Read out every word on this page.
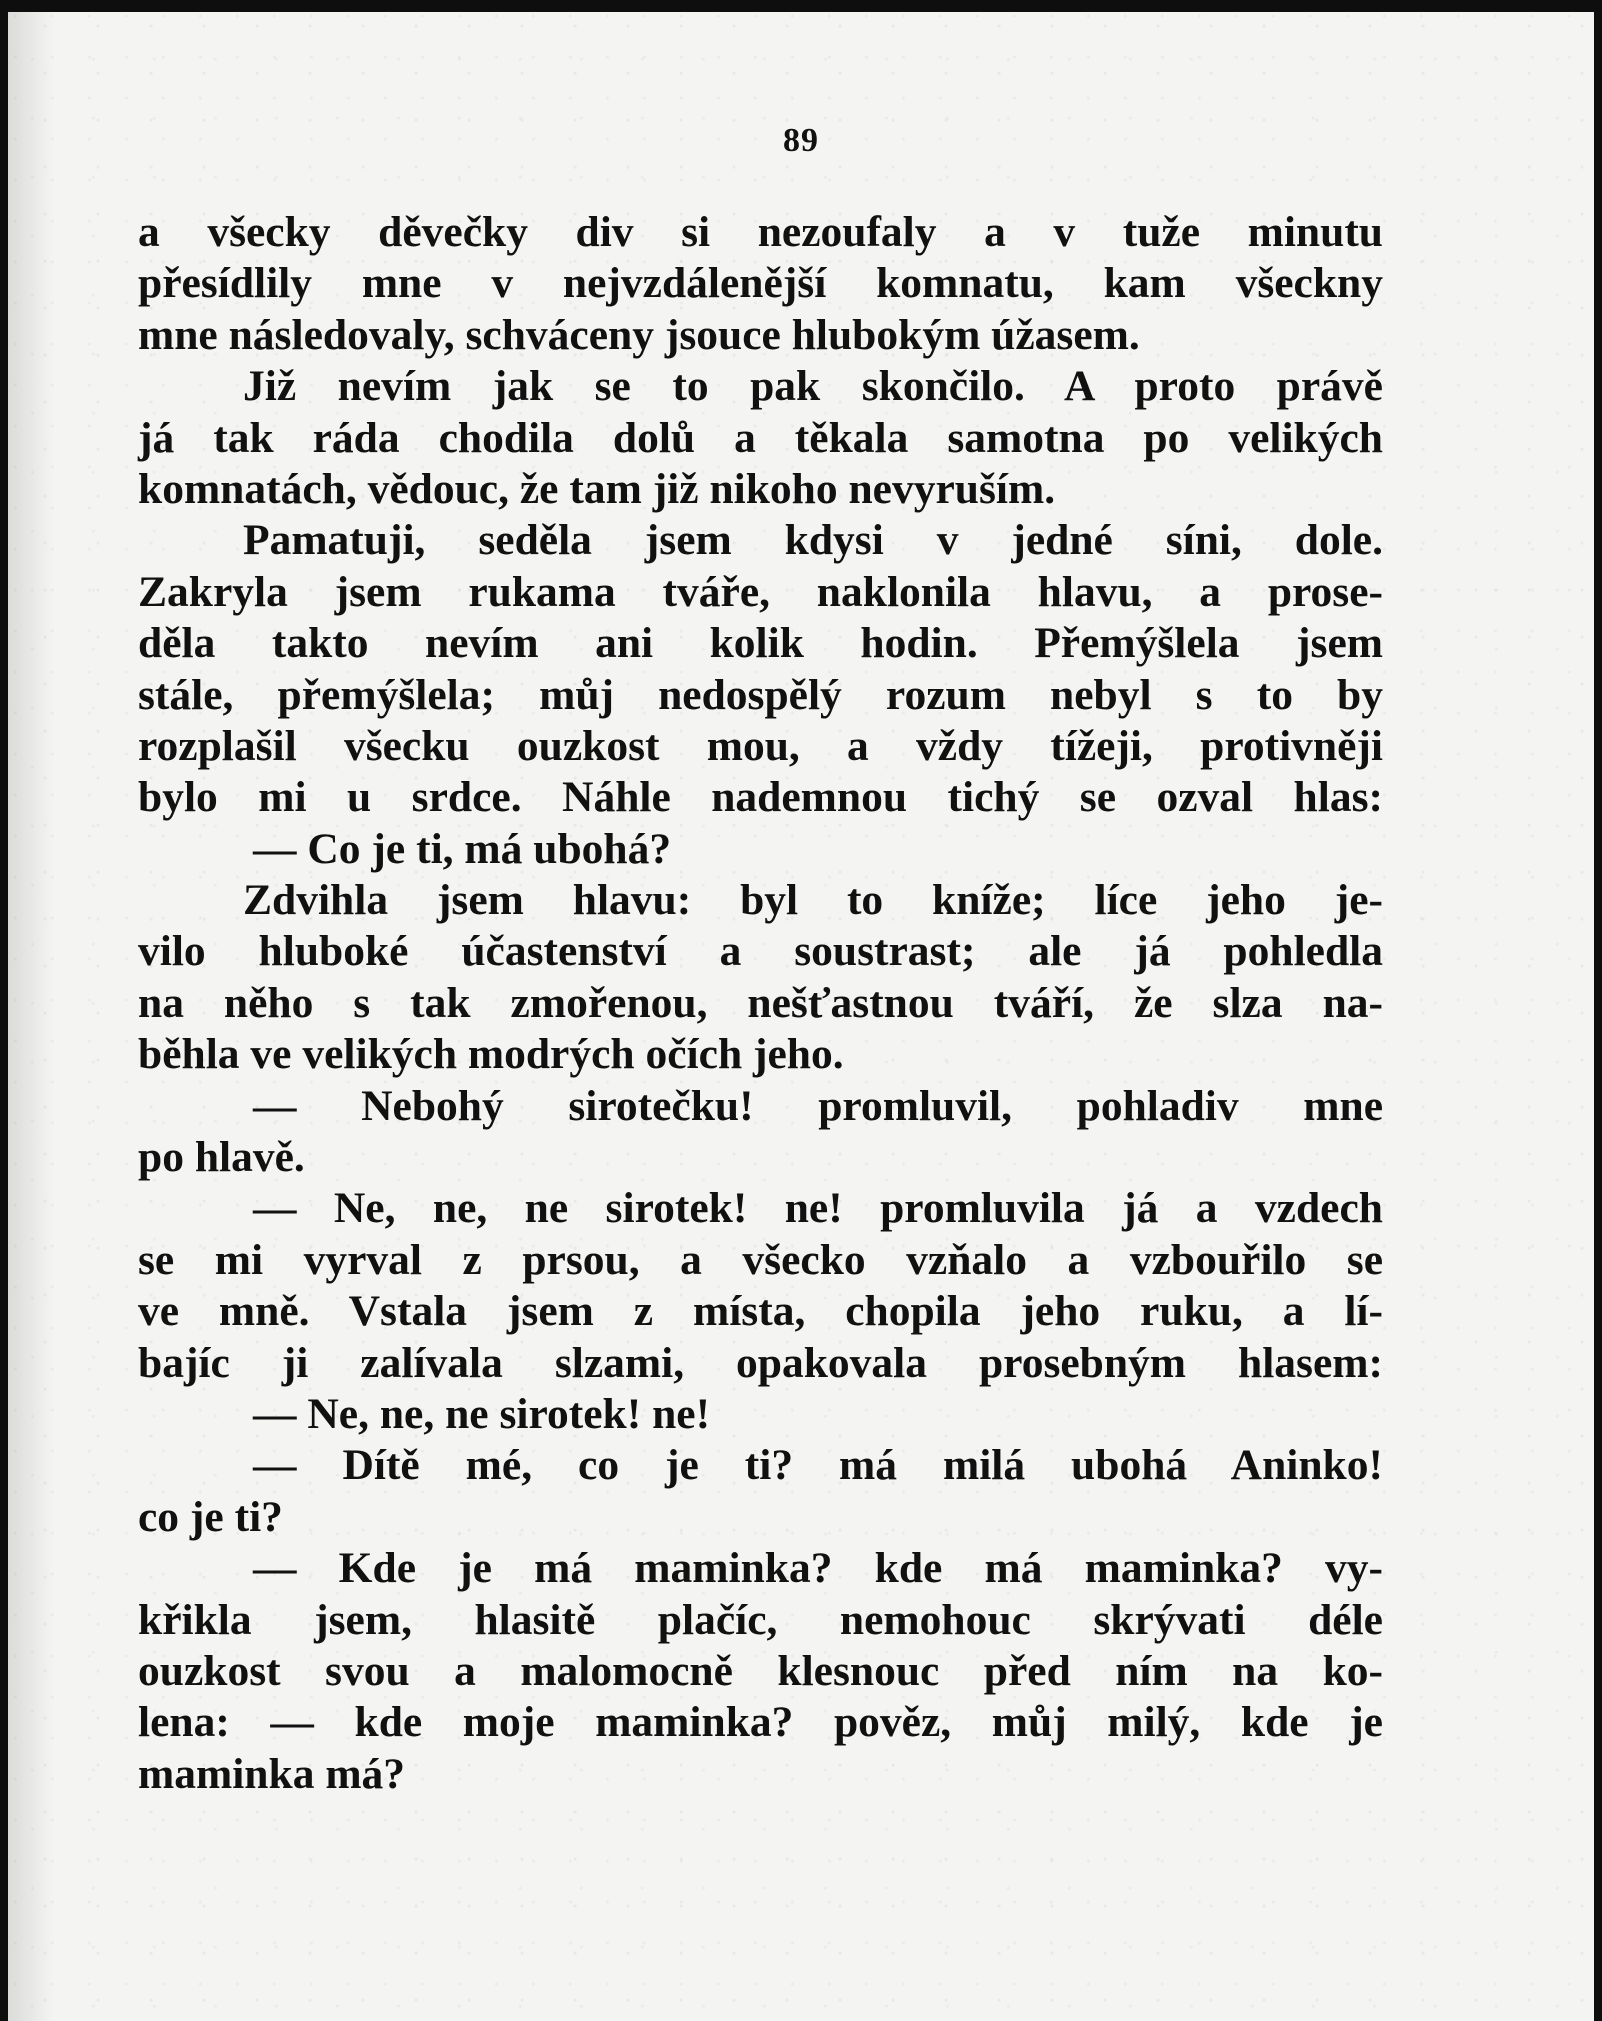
89
a všecky děvečky div si nezoufaly a v tuže minutu
přesídlily mne v nejvzdálenější komnatu, kam všeckny
mne následovaly, schváceny jsouce hlubokým úžasem.
Již nevím jak se to pak skončilo. A proto právě
já tak ráda chodila dolů a těkala samotna po velikých
komnatách, vědouc, že tam již nikoho nevyruším.
Pamatuji, seděla jsem kdysi v jedné síni, dole.
Zakryla jsem rukama tváře, naklonila hlavu, a prose-
děla takto nevím ani kolik hodin. Přemýšlela jsem
stále, přemýšlela; můj nedospělý rozum nebyl s to by
rozplašil všecku ouzkost mou, a vždy tížeji, protivněji
bylo mi u srdce. Náhle nademnou tichý se ozval hlas:
— Co je ti, má ubohá?
Zdvihla jsem hlavu: byl to kníže; líce jeho je-
vilo hluboké účastenství a soustrast; ale já pohledla
na něho s tak zmořenou, nešťastnou tváří, že slza na-
běhla ve velikých modrých očích jeho.
— Nebohý sirotečku! promluvil, pohladiv mne
po hlavě.
— Ne, ne, ne sirotek! ne! promluvila já a vzdech
se mi vyrval z prsou, a všecko vzňalo a vzbouřilo se
ve mně. Vstala jsem z místa, chopila jeho ruku, a lí-
bajíc ji zalívala slzami, opakovala prosebným hlasem:
— Ne, ne, ne sirotek! ne!
— Dítě mé, co je ti? má milá ubohá Aninko!
co je ti?
— Kde je má maminka? kde má maminka? vy-
křikla jsem, hlasitě plačíc, nemohouc skrývati déle
ouzkost svou a malomocně klesnouc před ním na ko-
lena: — kde moje maminka? pověz, můj milý, kde je
maminka má?
